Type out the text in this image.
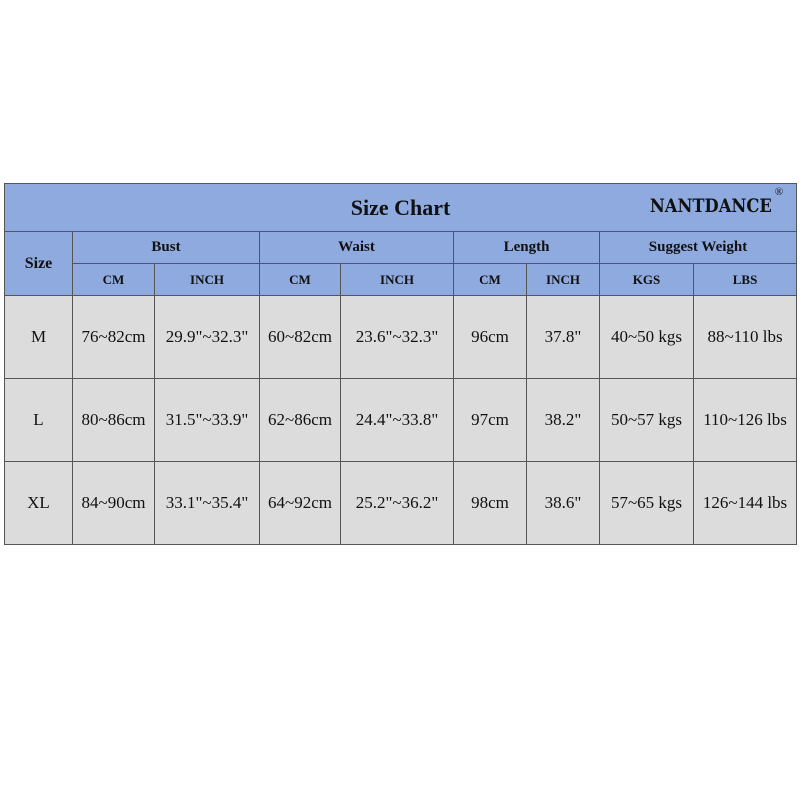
Size Chart NANTDANCE
®								

Size	Bust		Waist		Length		Suggest Weight	
	CM	INCH	CM	INCH	CM	INCH	KGS	LBS
M	76~82cm	29.9"~32.3"	60~82cm	23.6"~32.3"	96cm	37.8"	40~50 kgs	88~110 lbs
L	80~86cm	31.5"~33.9"	62~86cm	24.4"~33.8"	97cm	38.2"	50~57 kgs	110~126 lbs
XL	84~90cm	33.1"~35.4"	64~92cm	25.2"~36.2"	98cm	38.6"	57~65 kgs	126~144 lbs
